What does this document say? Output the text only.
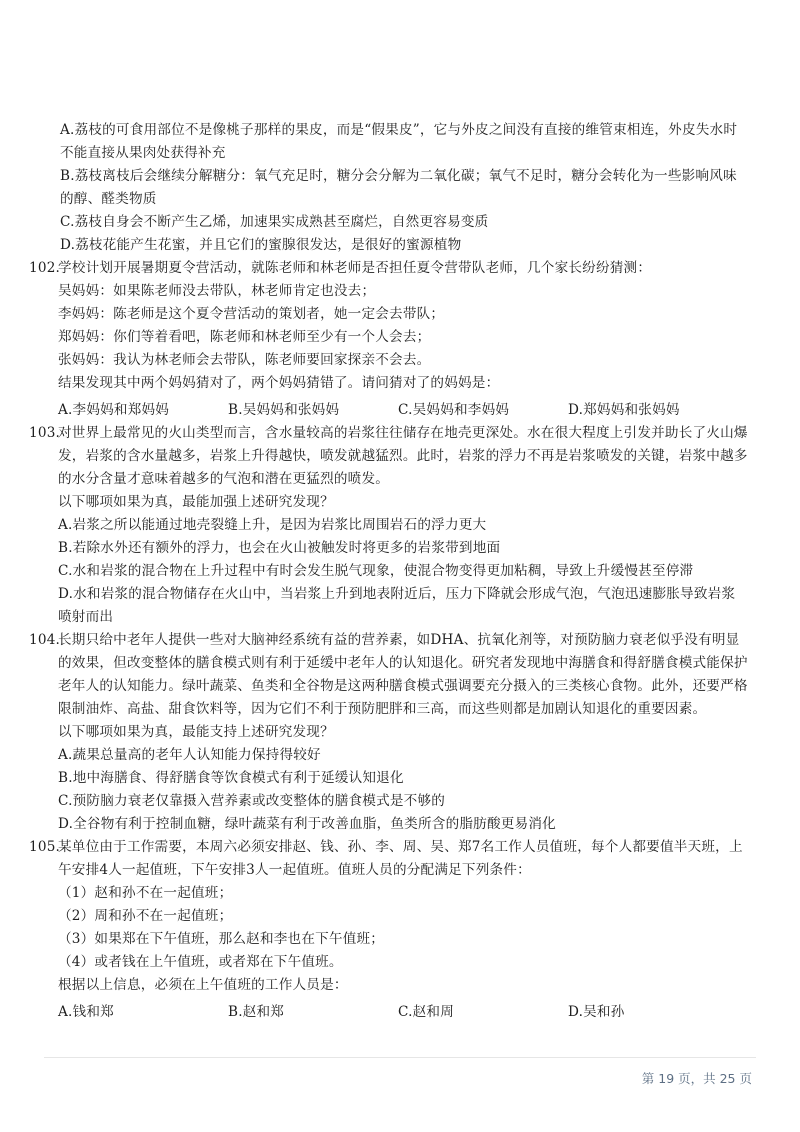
A.荔枝的可食用部位不是像桃子那样的果皮，而是“假果皮”，它与外皮之间没有直接的维管束相连，外皮失水时不能直接从果肉处获得补充

B.荔枝离枝后会继续分解糖分：氧气充足时，糖分会分解为二氧化碳；氧气不足时，糖分会转化为一些影响风味的醇、醛类物质

C.荔枝自身会不断产生乙烯，加速果实成熟甚至腐烂，自然更容易变质

D.荔枝花能产生花蜜，并且它们的蜜腺很发达，是很好的蜜源植物

102.
学校计划开展暑期夏令营活动，就陈老师和林老师是否担任夏令营带队老师，几个家长纷纷猜测：

吴妈妈：如果陈老师没去带队，林老师肯定也没去；

李妈妈：陈老师是这个夏令营活动的策划者，她一定会去带队；

郑妈妈：你们等着看吧，陈老师和林老师至少有一个人会去；

张妈妈：我认为林老师会去带队，陈老师要回家探亲不会去。

结果发现其中两个妈妈猜对了，两个妈妈猜错了。请问猜对了的妈妈是：

A.李妈妈和郑妈妈	B.吴妈妈和张妈妈	C.吴妈妈和李妈妈	D.郑妈妈和张妈妈

103.
对世界上最常见的火山类型而言，含水量较高的岩浆往往储存在地壳更深处。水在很大程度上引发并助长了火山爆发，岩浆的含水量越多，岩浆上升得越快，喷发就越猛烈。此时，岩浆的浮力不再是岩浆喷发的关键，岩浆中越多的水分含量才意味着越多的气泡和潜在更猛烈的喷发。

以下哪项如果为真，最能加强上述研究发现？

A.岩浆之所以能通过地壳裂缝上升，是因为岩浆比周围岩石的浮力更大

B.若除水外还有额外的浮力，也会在火山被触发时将更多的岩浆带到地面

C.水和岩浆的混合物在上升过程中有时会发生脱气现象，使混合物变得更加粘稠，导致上升缓慢甚至停滞

D.水和岩浆的混合物储存在火山中，当岩浆上升到地表附近后，压力下降就会形成气泡，气泡迅速膨胀导致岩浆喷射而出

104.
长期只给中老年人提供一些对大脑神经系统有益的营养素，如DHA、抗氧化剂等，对预防脑力衰老似乎没有明显的效果，但改变整体的膳食模式则有利于延缓中老年人的认知退化。研究者发现地中海膳食和得舒膳食模式能保护老年人的认知能力。绿叶蔬菜、鱼类和全谷物是这两种膳食模式强调要充分摄入的三类核心食物。此外，还要严格限制油炸、高盐、甜食饮料等，因为它们不利于预防肥胖和三高，而这些则都是加剧认知退化的重要因素。

以下哪项如果为真，最能支持上述研究发现？

A.蔬果总量高的老年人认知能力保持得较好

B.地中海膳食、得舒膳食等饮食模式有利于延缓认知退化

C.预防脑力衰老仅靠摄入营养素或改变整体的膳食模式是不够的

D.全谷物有利于控制血糖，绿叶蔬菜有利于改善血脂，鱼类所含的脂肪酸更易消化

105.
某单位由于工作需要，本周六必须安排赵、钱、孙、李、周、吴、郑7名工作人员值班，每个人都要值半天班，上午安排4人一起值班，下午安排3人一起值班。值班人员的分配满足下列条件：

（1）赵和孙不在一起值班；

（2）周和孙不在一起值班；

（3）如果郑在下午值班，那么赵和李也在下午值班；

（4）或者钱在上午值班，或者郑在下午值班。

根据以上信息，必须在上午值班的工作人员是：

A.钱和郑	B.赵和郑	C.赵和周	D.吴和孙
第 19 页，共 25 页
